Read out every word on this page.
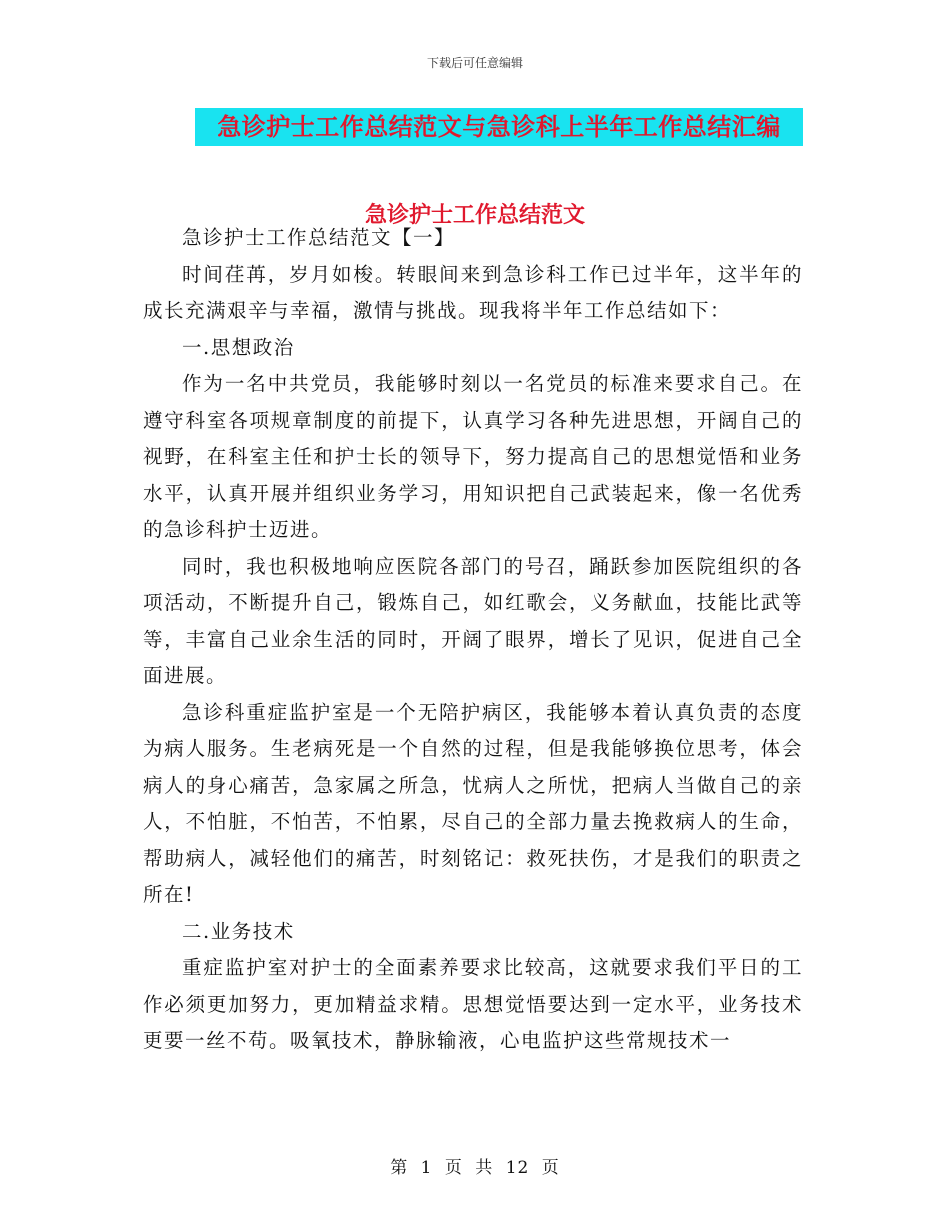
下载后可任意编辑
急诊护士工作总结范文与急诊科上半年工作总结汇编
急诊护士工作总结范文

急诊护士工作总结范文【一】

时间荏苒，岁月如梭。转眼间来到急诊科工作已过半年，这半年的成长充满艰辛与幸福，激情与挑战。现我将半年工作总结如下：

一.思想政治

作为一名中共党员，我能够时刻以一名党员的标准来要求自己。在遵守科室各项规章制度的前提下，认真学习各种先进思想，开阔自己的视野，在科室主任和护士长的领导下，努力提高自己的思想觉悟和业务水平，认真开展并组织业务学习，用知识把自己武装起来，像一名优秀的急诊科护士迈进。

同时，我也积极地响应医院各部门的号召，踊跃参加医院组织的各项活动，不断提升自己，锻炼自己，如红歌会，义务献血，技能比武等等，丰富自己业余生活的同时，开阔了眼界，增长了见识，促进自己全面进展。

急诊科重症监护室是一个无陪护病区，我能够本着认真负责的态度为病人服务。生老病死是一个自然的过程，但是我能够换位思考，体会病人的身心痛苦，急家属之所急，忧病人之所忧，把病人当做自己的亲人，不怕脏，不怕苦，不怕累，尽自己的全部力量去挽救病人的生命，帮助病人，减轻他们的痛苦，时刻铭记：救死扶伤，才是我们的职责之所在!

二.业务技术

重症监护室对护士的全面素养要求比较高，这就要求我们平日的工作必须更加努力，更加精益求精。思想觉悟要达到一定水平，业务技术更要一丝不苟。吸氧技术，静脉输液，心电监护这些常规技术一

第 1 页 共 12 页
